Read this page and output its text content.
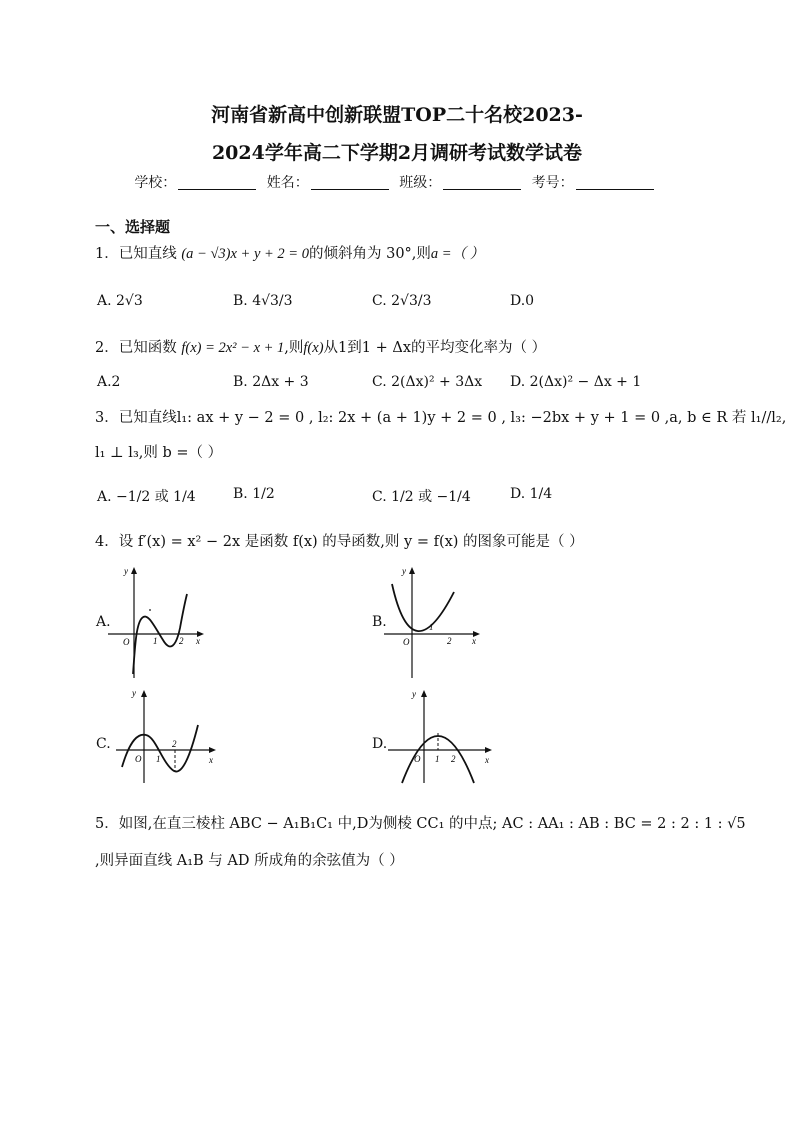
河南省新高中创新联盟TOP二十名校2023-
2024学年高二下学期2月调研考试数学试卷
学校：	姓名：	班级：	考号：
一、选择题
1．已知直线 (a − √3)x + y + 2 = 0的倾斜角为 30°,则a =（ ）
A. 2√3	B. 4√3/3	C. 2√3/3	D.0
2．已知函数 f(x) = 2x² − x + 1,则f(x)从1到1 + Δx的平均变化率为（ ）
A.2	B. 2Δx + 3	C. 2(Δx)² + 3Δx D. 2(Δx)² − Δx + 1
3．已知直线l₁: ax + y − 2 = 0 , l₂: 2x + (a + 1)y + 2 = 0 , l₃: −2bx + y + 1 = 0 ,a, b ∈ R 若 l₁//l₂,
l₁ ⊥ l₃,则 b =（ ）
A. −1/2 或 1/4	B. 1/2	C. 1/2 或 −1/4	D. 1/4
4．设 f′(x) = x² − 2x 是函数 f(x) 的导函数,则 y = f(x) 的图象可能是（ ）
A.
x
y
O	1 2
B.
x
y
O
1
2
C.
x
y
O 1
2	D.
x
y
O 1 2
5．如图,在直三棱柱 ABC − A₁B₁C₁ 中,D为侧棱 CC₁ 的中点; AC : AA₁ : AB : BC = 2 : 2 : 1 : √5
,则异面直线 A₁B 与 AD 所成角的余弦值为（ ）
